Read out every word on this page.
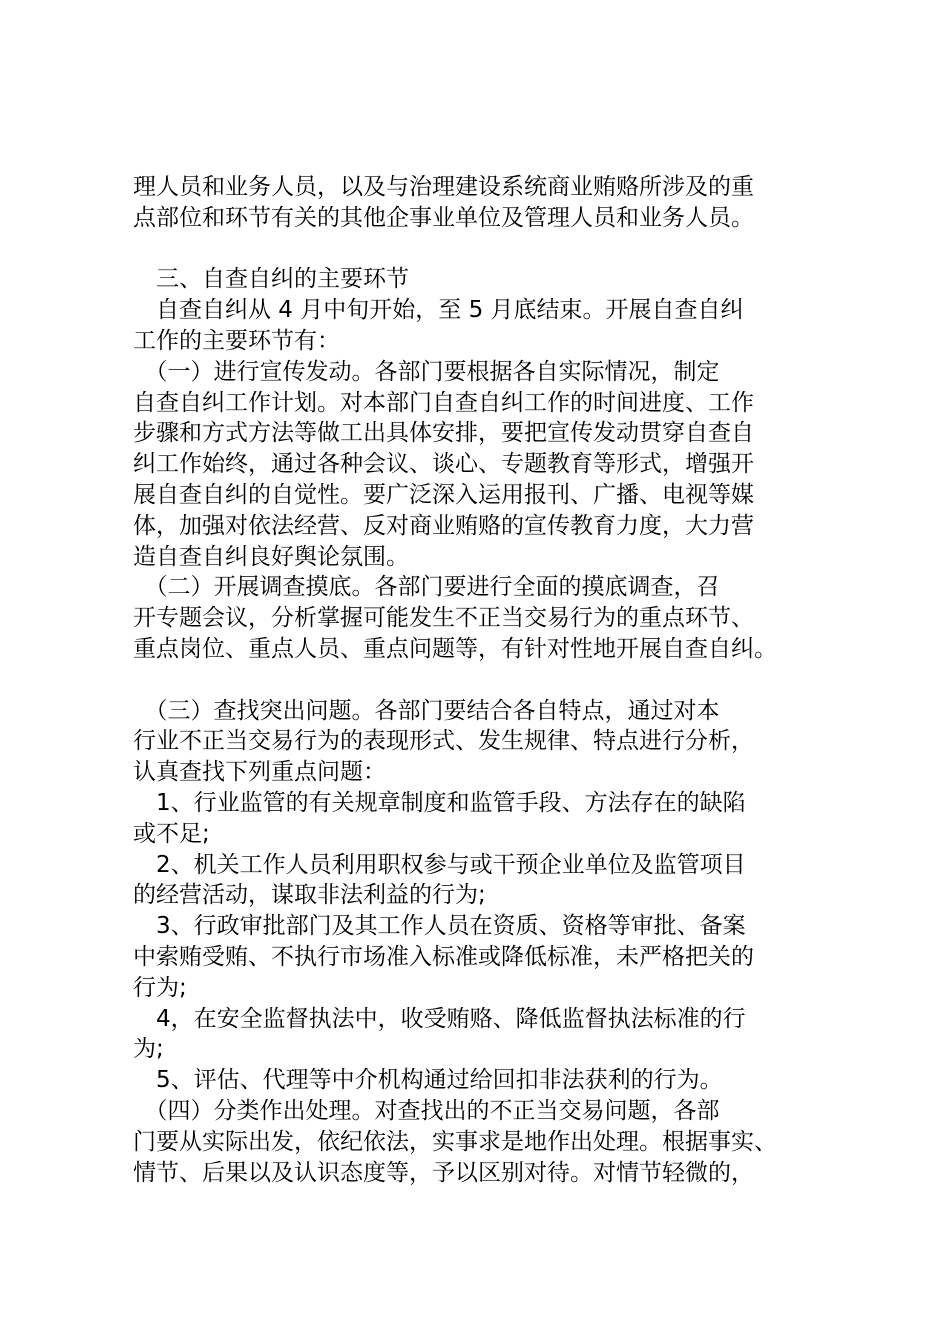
理人员和业务人员，以及与治理建设系统商业贿赂所涉及的重
点部位和环节有关的其他企事业单位及管理人员和业务人员。
　三、自查自纠的主要环节
　自查自纠从 4 月中旬开始，至 5 月底结束。开展自查自纠
工作的主要环节有：
　（一）进行宣传发动。各部门要根据各自实际情况，制定
自查自纠工作计划。对本部门自查自纠工作的时间进度、工作
步骤和方式方法等做工出具体安排，要把宣传发动贯穿自查自
纠工作始终，通过各种会议、谈心、专题教育等形式，增强开
展自查自纠的自觉性。要广泛深入运用报刊、广播、电视等媒
体，加强对依法经营、反对商业贿赂的宣传教育力度，大力营
造自查自纠良好舆论氛围。
　（二）开展调查摸底。各部门要进行全面的摸底调查，召
开专题会议，分析掌握可能发生不正当交易行为的重点环节、
重点岗位、重点人员、重点问题等，有针对性地开展自查自纠。
　（三）查找突出问题。各部门要结合各自特点，通过对本
行业不正当交易行为的表现形式、发生规律、特点进行分析，
认真查找下列重点问题：
　1、行业监管的有关规章制度和监管手段、方法存在的缺陷
或不足;
　2、机关工作人员利用职权参与或干预企业单位及监管项目
的经营活动，谋取非法利益的行为;
　3、行政审批部门及其工作人员在资质、资格等审批、备案
中索贿受贿、不执行市场准入标准或降低标准，未严格把关的
行为;
　4，在安全监督执法中，收受贿赂、降低监督执法标准的行
为;
　5、评估、代理等中介机构通过给回扣非法获利的行为。
　（四）分类作出处理。对查找出的不正当交易问题，各部
门要从实际出发，依纪依法，实事求是地作出处理。根据事实、
情节、后果以及认识态度等，予以区别对待。对情节轻微的，
